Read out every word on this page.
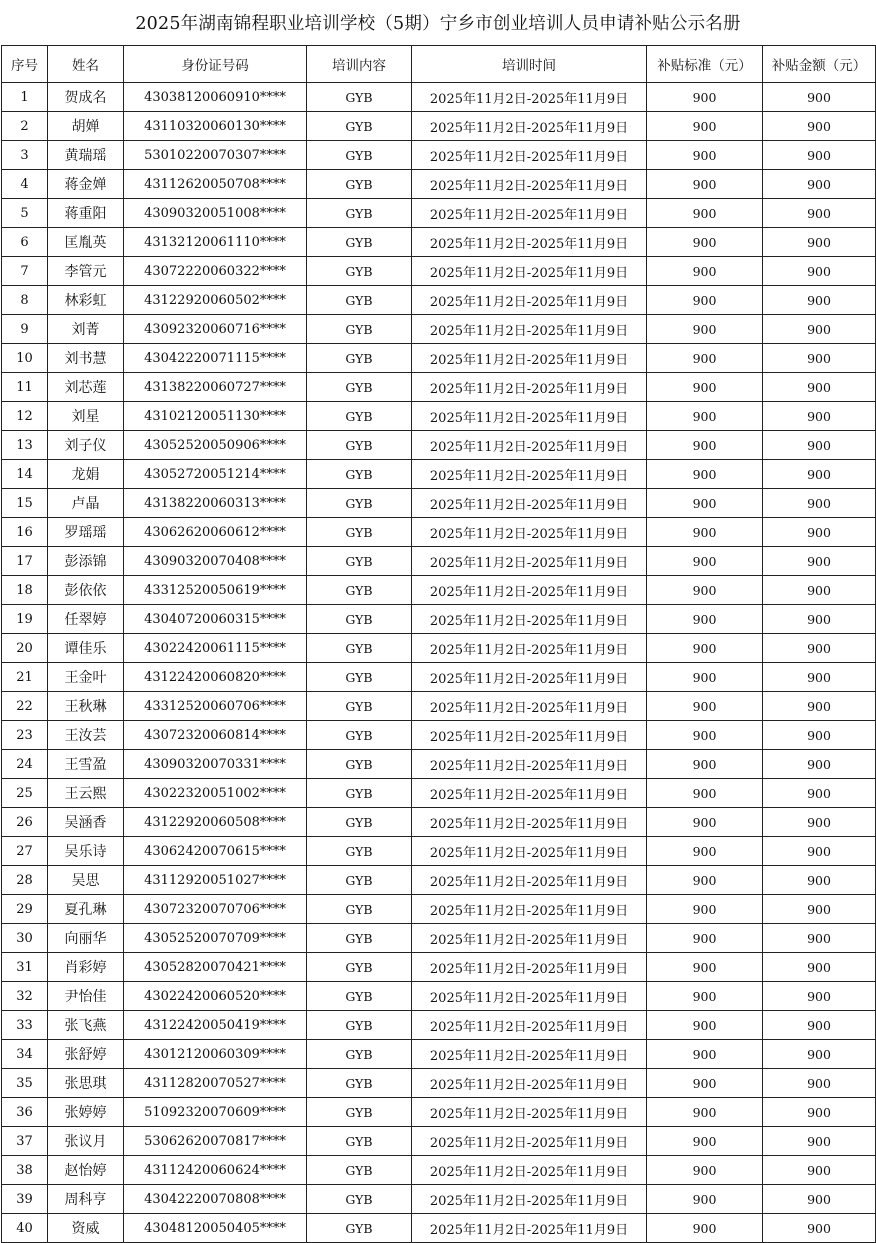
2025年湖南锦程职业培训学校（5期）宁乡市创业培训人员申请补贴公示名册
序号	姓名	身份证号码	培训内容	培训时间	补贴标准（元）	补贴金额（元）
1	贺成名	43038120060910****	GYB	2025年11月2日-2025年11月9日	900	900
2	胡婵	43110320060130****	GYB	2025年11月2日-2025年11月9日	900	900
3	黄瑞瑶	53010220070307****	GYB	2025年11月2日-2025年11月9日	900	900
4	蒋金婵	43112620050708****	GYB	2025年11月2日-2025年11月9日	900	900
5	蒋重阳	43090320051008****	GYB	2025年11月2日-2025年11月9日	900	900
6	匡胤英	43132120061110****	GYB	2025年11月2日-2025年11月9日	900	900
7	李管元	43072220060322****	GYB	2025年11月2日-2025年11月9日	900	900
8	林彩虹	43122920060502****	GYB	2025年11月2日-2025年11月9日	900	900
9	刘菁	43092320060716****	GYB	2025年11月2日-2025年11月9日	900	900
10	刘书慧	43042220071115****	GYB	2025年11月2日-2025年11月9日	900	900
11	刘芯莲	43138220060727****	GYB	2025年11月2日-2025年11月9日	900	900
12	刘星	43102120051130****	GYB	2025年11月2日-2025年11月9日	900	900
13	刘子仪	43052520050906****	GYB	2025年11月2日-2025年11月9日	900	900
14	龙娟	43052720051214****	GYB	2025年11月2日-2025年11月9日	900	900
15	卢晶	43138220060313****	GYB	2025年11月2日-2025年11月9日	900	900
16	罗瑶瑶	43062620060612****	GYB	2025年11月2日-2025年11月9日	900	900
17	彭添锦	43090320070408****	GYB	2025年11月2日-2025年11月9日	900	900
18	彭依依	43312520050619****	GYB	2025年11月2日-2025年11月9日	900	900
19	任翠婷	43040720060315****	GYB	2025年11月2日-2025年11月9日	900	900
20	谭佳乐	43022420061115****	GYB	2025年11月2日-2025年11月9日	900	900
21	王金叶	43122420060820****	GYB	2025年11月2日-2025年11月9日	900	900
22	王秋琳	43312520060706****	GYB	2025年11月2日-2025年11月9日	900	900
23	王汝芸	43072320060814****	GYB	2025年11月2日-2025年11月9日	900	900
24	王雪盈	43090320070331****	GYB	2025年11月2日-2025年11月9日	900	900
25	王云熙	43022320051002****	GYB	2025年11月2日-2025年11月9日	900	900
26	吴涵香	43122920060508****	GYB	2025年11月2日-2025年11月9日	900	900
27	吴乐诗	43062420070615****	GYB	2025年11月2日-2025年11月9日	900	900
28	吴思	43112920051027****	GYB	2025年11月2日-2025年11月9日	900	900
29	夏孔琳	43072320070706****	GYB	2025年11月2日-2025年11月9日	900	900
30	向丽华	43052520070709****	GYB	2025年11月2日-2025年11月9日	900	900
31	肖彩婷	43052820070421****	GYB	2025年11月2日-2025年11月9日	900	900
32	尹怡佳	43022420060520****	GYB	2025年11月2日-2025年11月9日	900	900
33	张飞燕	43122420050419****	GYB	2025年11月2日-2025年11月9日	900	900
34	张舒婷	43012120060309****	GYB	2025年11月2日-2025年11月9日	900	900
35	张思琪	43112820070527****	GYB	2025年11月2日-2025年11月9日	900	900
36	张婷婷	51092320070609****	GYB	2025年11月2日-2025年11月9日	900	900
37	张议月	53062620070817****	GYB	2025年11月2日-2025年11月9日	900	900
38	赵怡婷	43112420060624****	GYB	2025年11月2日-2025年11月9日	900	900
39	周科亨	43042220070808****	GYB	2025年11月2日-2025年11月9日	900	900
40	资威	43048120050405****	GYB	2025年11月2日-2025年11月9日	900	900
